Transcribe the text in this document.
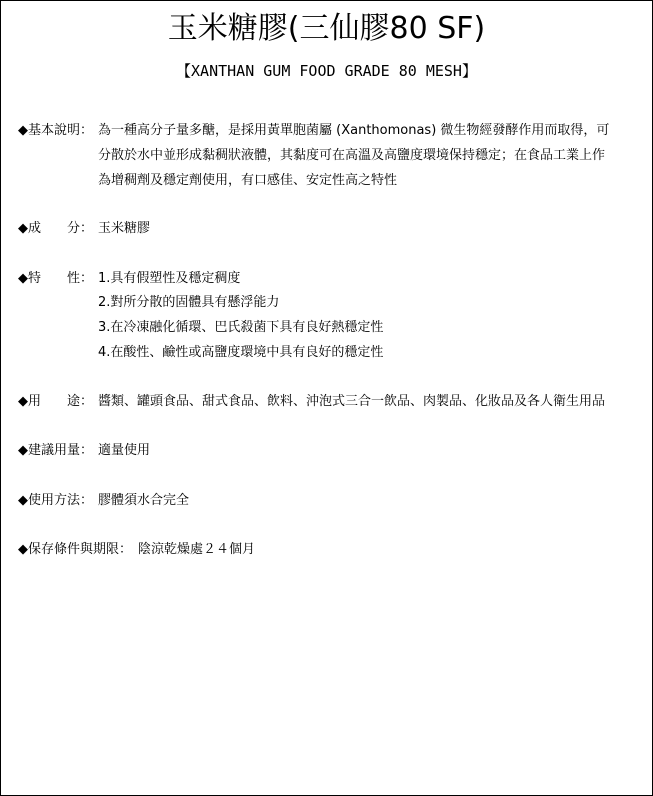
玉米糖膠(三仙膠80 SF)
【XANTHAN GUM FOOD GRADE 80 MESH】
◆基本說明： 為一種高分子量多醣，是採用黃單胞菌屬 (Xanthomonas) 微生物經發酵作用而取得，可
分散於水中並形成黏稠狀液體，其黏度可在高溫及高鹽度環境保持穩定；在食品工業上作
為增稠劑及穩定劑使用，有口感佳、安定性高之特性
◆成　　分： 玉米糖膠
◆特　　性： 1.具有假塑性及穩定稠度
2.對所分散的固體具有懸浮能力
3.在冷凍融化循環、巴氏殺菌下具有良好熱穩定性
4.在酸性、鹼性或高鹽度環境中具有良好的穩定性
◆用　　途： 醬類、罐頭食品、甜式食品、飲料、沖泡式三合一飲品、肉製品、化妝品及各人衛生用品
◆建議用量： 適量使用
◆使用方法： 膠體須水合完全
◆保存條件與期限： 陰涼乾燥處２４個月
